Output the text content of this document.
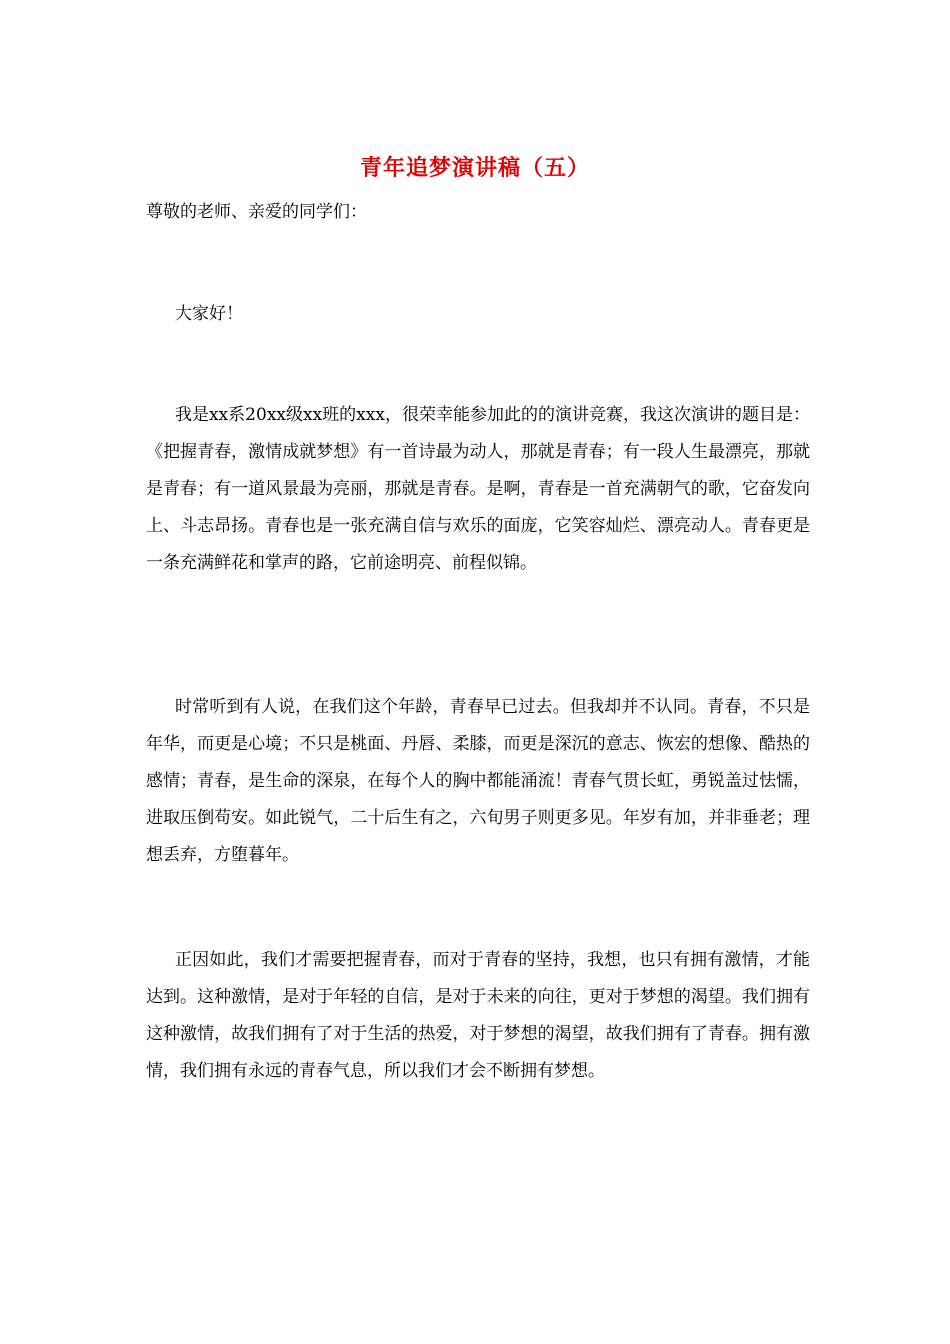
青年追梦演讲稿（五）
尊敬的老师、亲爱的同学们：

大家好！

我是xx系20xx级xx班的xxx，很荣幸能参加此的的演讲竞赛，我这次演讲的题目是：《把握青春，激情成就梦想》有一首诗最为动人，那就是青春；有一段人生最漂亮，那就是青春；有一道风景最为亮丽，那就是青春。是啊，青春是一首充满朝气的歌，它奋发向上、斗志昂扬。青春也是一张充满自信与欢乐的面庞，它笑容灿烂、漂亮动人。青春更是一条充满鲜花和掌声的路，它前途明亮、前程似锦。

时常听到有人说，在我们这个年龄，青春早已过去。但我却并不认同。青春，不只是年华，而更是心境；不只是桃面、丹唇、柔膝，而更是深沉的意志、恢宏的想像、酷热的感情；青春，是生命的深泉，在每个人的胸中都能涌流！青春气贯长虹，勇锐盖过怯懦，进取压倒苟安。如此锐气，二十后生有之，六旬男子则更多见。年岁有加，并非垂老；理想丢弃，方堕暮年。

正因如此，我们才需要把握青春，而对于青春的坚持，我想，也只有拥有激情，才能达到。这种激情，是对于年轻的自信，是对于未来的向往，更对于梦想的渴望。我们拥有这种激情，故我们拥有了对于生活的热爱，对于梦想的渴望，故我们拥有了青春。拥有激情，我们拥有永远的青春气息，所以我们才会不断拥有梦想。
